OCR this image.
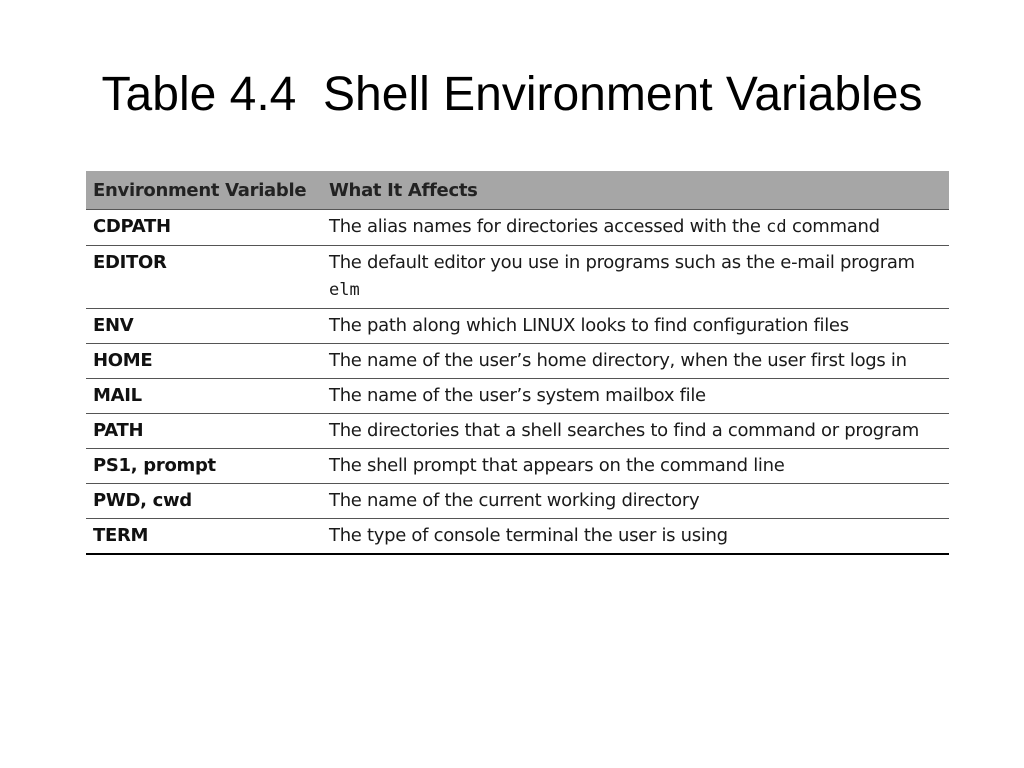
Table 4.4  Shell Environment Variables
Environment Variable	What It Affects
CDPATH	The alias names for directories accessed with the cd command
EDITOR	The default editor you use in programs such as the e-mail program elm
ENV	The path along which LINUX looks to find configuration files
HOME	The name of the user’s home directory, when the user first logs in
MAIL	The name of the user’s system mailbox file
PATH	The directories that a shell searches to find a command or program
PS1, prompt	The shell prompt that appears on the command line
PWD, cwd	The name of the current working directory
TERM	The type of console terminal the user is using
